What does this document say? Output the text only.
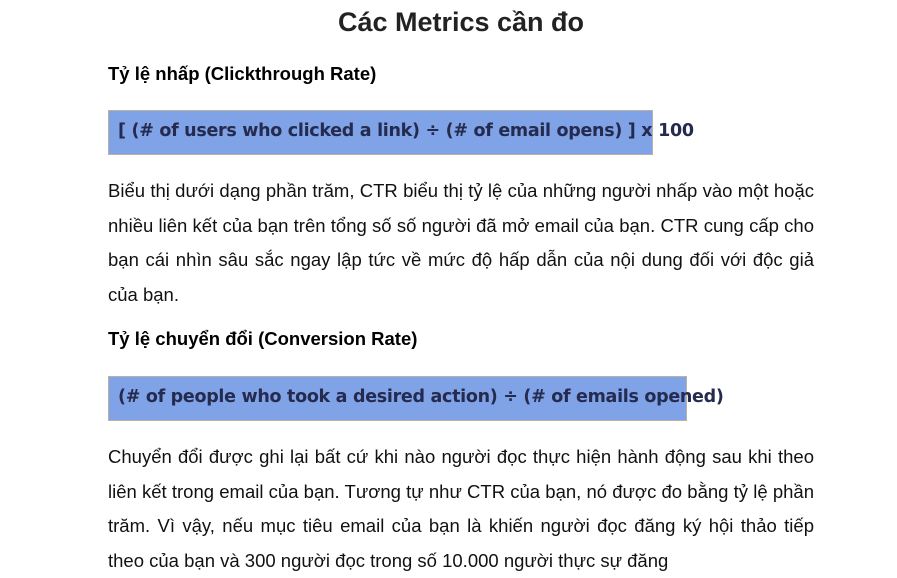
Các Metrics cần đo
Tỷ lệ nhấp (Clickthrough Rate)
[ (# of users who clicked a link) ÷ (# of email opens) ] x 100

Biểu thị dưới dạng phần trăm, CTR biểu thị tỷ lệ của những người nhấp vào một hoặc nhiều liên kết của bạn trên tổng số số người đã mở email của bạn. CTR cung cấp cho bạn cái nhìn sâu sắc ngay lập tức về mức độ hấp dẫn của nội dung đối với độc giả của bạn.

Tỷ lệ chuyển đổi (Conversion Rate)
(# of people who took a desired action) ÷ (# of emails opened)

Chuyển đổi được ghi lại bất cứ khi nào người đọc thực hiện hành động sau khi theo liên kết trong email của bạn. Tương tự như CTR của bạn, nó được đo bằng tỷ lệ phần trăm. Vì vậy, nếu mục tiêu email của bạn là khiến người đọc đăng ký hội thảo tiếp theo của bạn và 300 người đọc trong số 10.000 người thực sự đăng
